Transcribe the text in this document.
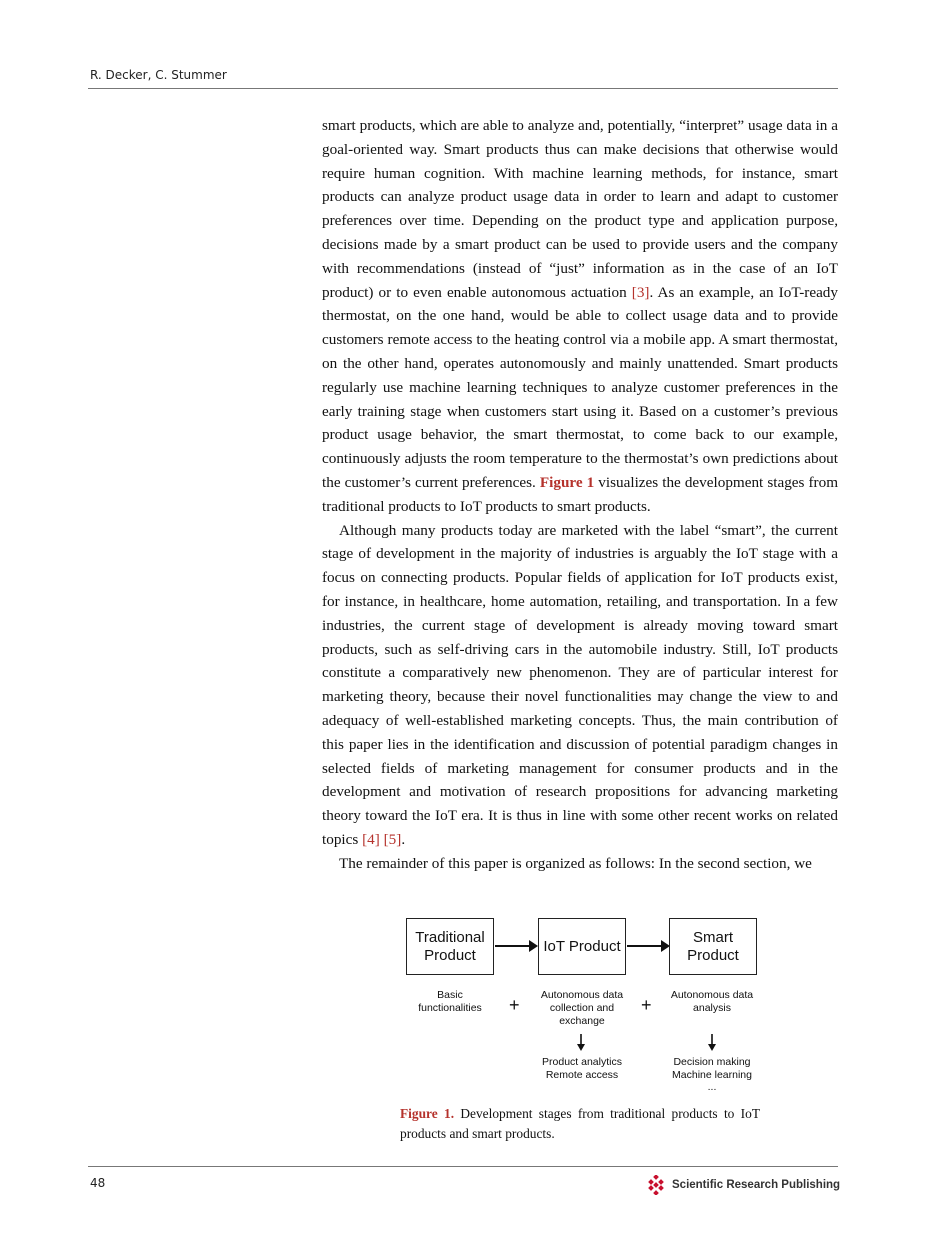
R. Decker, C. Stummer

smart products, which are able to analyze and, potentially, “interpret” usage data in a goal-oriented way. Smart products thus can make decisions that otherwise would require human cognition. With machine learning methods, for instance, smart products can analyze product usage data in order to learn and adapt to customer preferences over time. Depending on the product type and application purpose, decisions made by a smart product can be used to provide users and the company with recommendations (instead of “just” information as in the case of an IoT product) or to even enable autonomous actuation [3]. As an example, an IoT-ready thermostat, on the one hand, would be able to collect usage data and to provide customers remote access to the heating control via a mobile app. A smart thermostat, on the other hand, operates autonomously and mainly unattended. Smart products regularly use machine learning techniques to analyze customer preferences in the early training stage when customers start using it. Based on a customer’s previous product usage behavior, the smart thermostat, to come back to our example, continuously adjusts the room temperature to the thermostat’s own predictions about the customer’s current preferences. Figure 1 visualizes the development stages from traditional products to IoT products to smart products.

Although many products today are marketed with the label “smart”, the current stage of development in the majority of industries is arguably the IoT stage with a focus on connecting products. Popular fields of application for IoT products exist, for instance, in healthcare, home automation, retailing, and transportation. In a few industries, the current stage of development is already moving toward smart products, such as self-driving cars in the automobile industry. Still, IoT products constitute a comparatively new phenomenon. They are of particular interest for marketing theory, because their novel functionalities may change the view to and adequacy of well-established marketing concepts. Thus, the main contribution of this paper lies in the identification and discussion of potential paradigm changes in selected fields of marketing management for consumer products and in the development and motivation of research propositions for advancing marketing theory toward the IoT era. It is thus in line with some other recent works on related topics [4] [5].

The remainder of this paper is organized as follows: In the second section, we

Traditional Product
IoT Product
Smart Product
Basic functionalities	+	Autonomous data collection and exchange
+	Autonomous data analysis
Product analytics
Remote access
Decision making
Machine learning
...
Figure 1. Development stages from traditional products to IoT products and smart products.
48	Scientific Research Publishing
